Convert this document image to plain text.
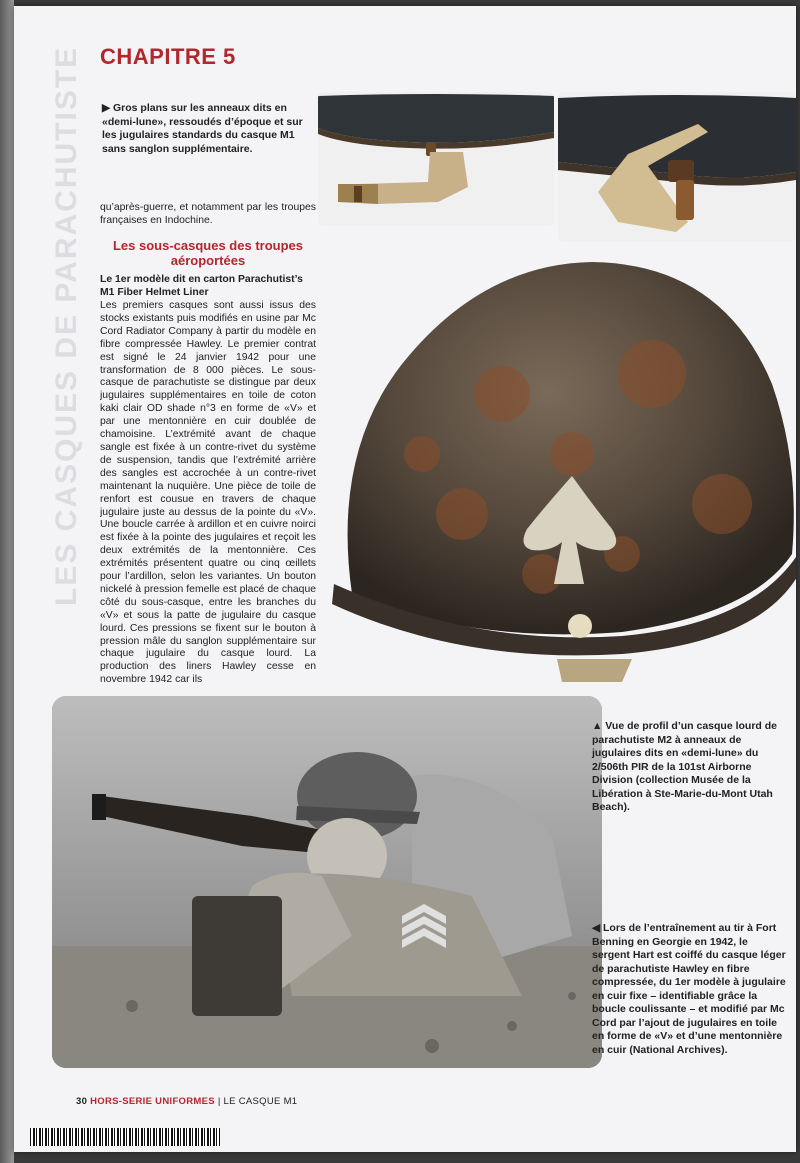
LES CASQUES DE PARACHUTISTE CHAPITRE 5
▶ Gros plans sur les anneaux dits en «demi-lune», ressoudés d’époque et sur les jugulaires standards du casque M1 sans sanglon supplémentaire.
qu’après-guerre, et notamment par les troupes françaises en Indochine.
Les sous-casques des troupes aéroportées
Le 1er modèle dit en carton Parachutist’s M1 Fiber Helmet Liner
Les premiers casques sont aussi issus des stocks existants puis modifiés en usine par Mc Cord Radiator Company à partir du modèle en fibre compressée Hawley. Le premier contrat est signé le 24 janvier 1942 pour une transformation de 8 000 pièces. Le sous-casque de parachutiste se distingue par deux jugulaires supplémentaires en toile de coton kaki clair OD shade n°3 en forme de «V» et par une mentonnière en cuir doublée de chamoisine. L’extrémité avant de chaque sangle est fixée à un contre-rivet du système de suspension, tandis que l’extrémité arrière des sangles est accrochée à un contre-rivet maintenant la nuquière. Une pièce de toile de renfort est cousue en travers de chaque jugulaire juste au dessus de la pointe du «V». Une boucle carrée à ardillon et en cuivre noirci est fixée à la pointe des jugulaires et reçoit les deux extrémités de la mentonnière. Ces extrémités présentent quatre ou cinq œillets pour l’ardillon, selon les variantes. Un bouton nickelé à pression femelle est placé de chaque côté du sous-casque, entre les branches du «V» et sous la patte de jugulaire du casque lourd. Ces pressions se fixent sur le bouton à pression mâle du sanglon supplémentaire sur chaque jugulaire du casque lourd. La production des liners Hawley cesse en novembre 1942 car ils
▲ Vue de profil d’un casque lourd de parachutiste M2 à anneaux de jugulaires dits en «demi-lune» du 2/506th PIR de la 101st Airborne Division (collection Musée de la Libération à Ste-Marie-du-Mont Utah Beach).
◀ Lors de l’entraînement au tir à Fort Benning en Georgie en 1942, le sergent Hart est coiffé du casque léger de parachutiste Hawley en fibre compressée, du 1er modèle à jugulaire en cuir fixe – identifiable grâce la boucle coulissante – et modifié par Mc Cord par l’ajout de jugulaires en toile en forme de «V» et d’une mentonnière en cuir (National Archives).
30 HORS-SERIE UNIFORMES | LE CASQUE M1
